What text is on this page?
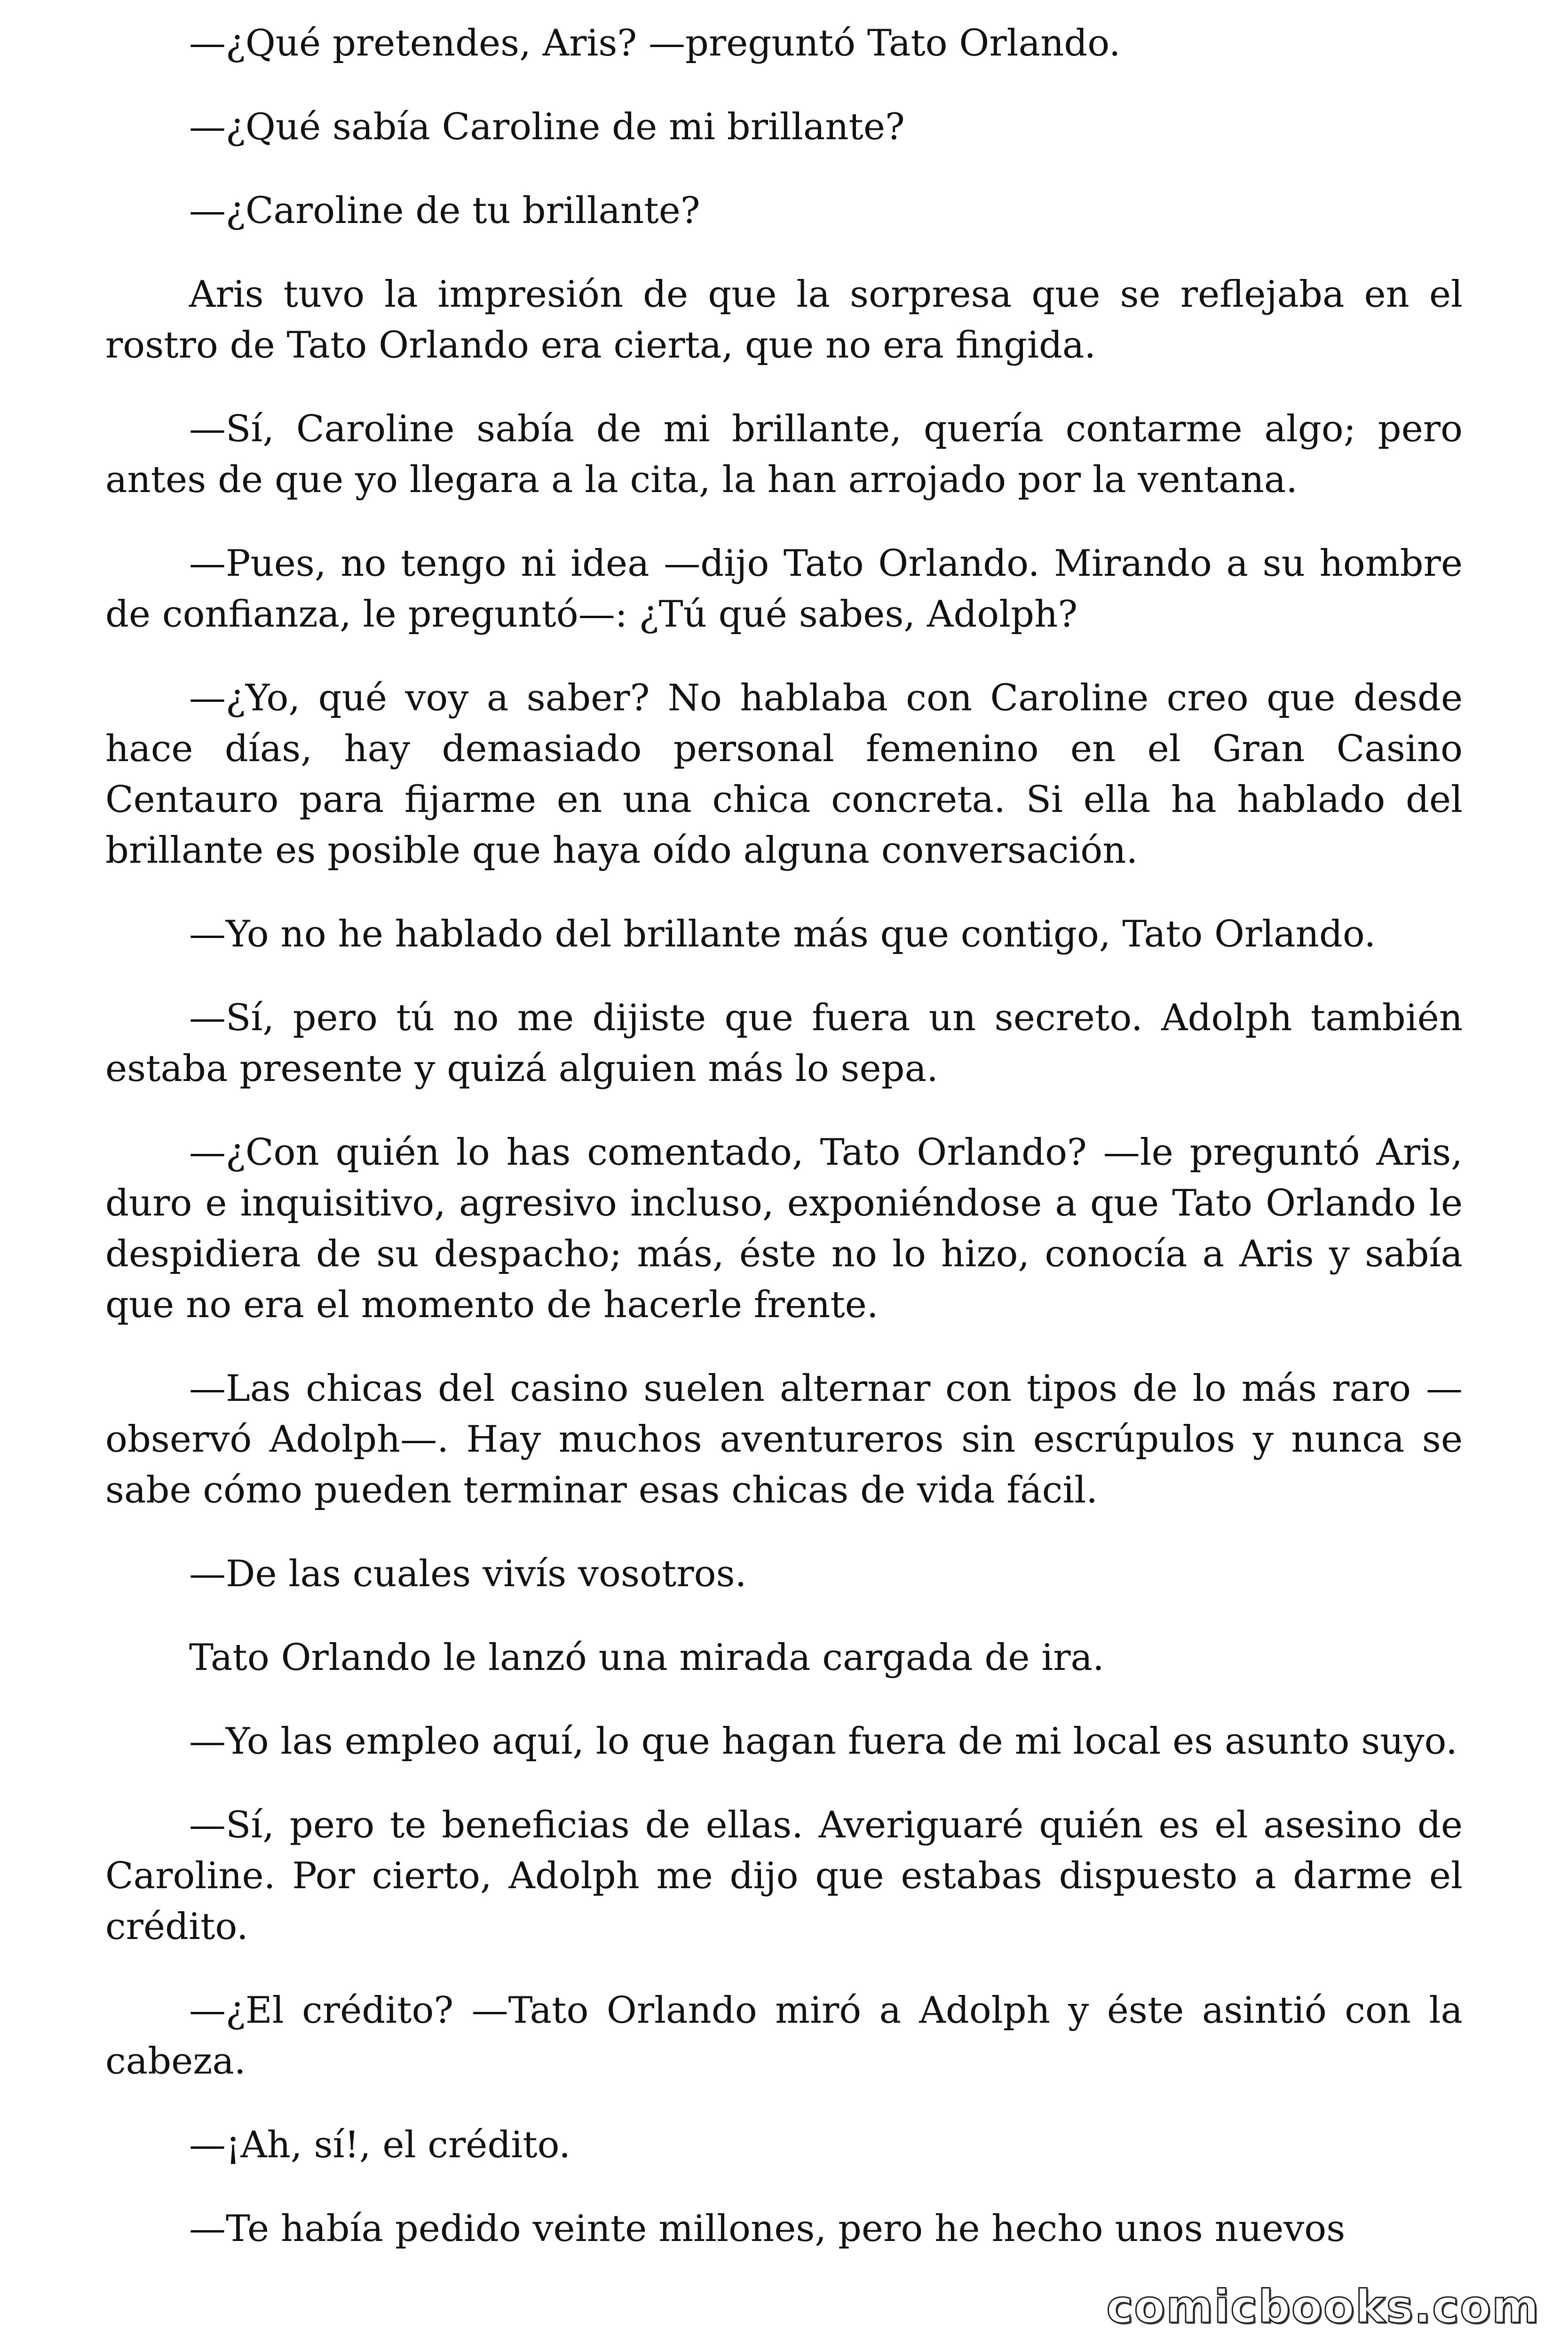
—¿Qué pretendes, Aris? —preguntó Tato Orlando.

—¿Qué sabía Caroline de mi brillante?

—¿Caroline de tu brillante?

Aris tuvo la impresión de que la sorpresa que se reflejaba en el rostro de Tato Orlando era cierta, que no era fingida.

—Sí, Caroline sabía de mi brillante, quería contarme algo; pero antes de que yo llegara a la cita, la han arrojado por la ventana.

—Pues, no tengo ni idea —dijo Tato Orlando. Mirando a su hombre de confianza, le preguntó—: ¿Tú qué sabes, Adolph?

—¿Yo, qué voy a saber? No hablaba con Caroline creo que desde hace días, hay demasiado personal femenino en el Gran Casino Centauro para fijarme en una chica concreta. Si ella ha hablado del brillante es posible que haya oído alguna conversación.

—Yo no he hablado del brillante más que contigo, Tato Orlando.

—Sí, pero tú no me dijiste que fuera un secreto. Adolph también estaba presente y quizá alguien más lo sepa.

—¿Con quién lo has comentado, Tato Orlando? —le preguntó Aris, duro e inquisitivo, agresivo incluso, exponiéndose a que Tato Orlando le despidiera de su despacho; más, éste no lo hizo, conocía a Aris y sabía que no era el momento de hacerle frente.

—Las chicas del casino suelen alternar con tipos de lo más raro —observó Adolph—. Hay muchos aventureros sin escrúpulos y nunca se sabe cómo pueden terminar esas chicas de vida fácil.

—De las cuales vivís vosotros.

Tato Orlando le lanzó una mirada cargada de ira.

—Yo las empleo aquí, lo que hagan fuera de mi local es asunto suyo.

—Sí, pero te beneficias de ellas. Averiguaré quién es el asesino de Caroline. Por cierto, Adolph me dijo que estabas dispuesto a darme el crédito.

—¿El crédito? —Tato Orlando miró a Adolph y éste asintió con la cabeza.

—¡Ah, sí!, el crédito.

—Te había pedido veinte millones, pero he hecho unos nuevos

comicbooks.com
